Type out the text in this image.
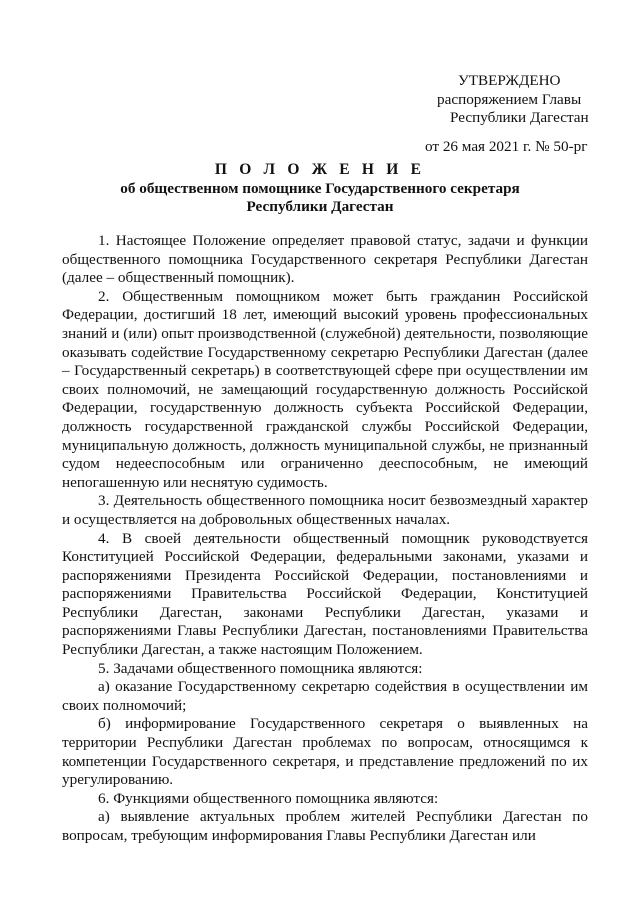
УТВЕРЖДЕНО
распоряжением Главы
Республики Дагестан
от 26 мая 2021 г. № 50-рг
П О Л О Ж Е Н И Е
об общественном помощнике Государственного секретаря
Республики Дагестан

1. Настоящее Положение определяет правовой статус, задачи и функции общественного помощника Государственного секретаря Республики Дагестан (далее – общественный помощник).

2. Общественным помощником может быть гражданин Российской Федерации, достигший 18 лет, имеющий высокий уровень профессиональных знаний и (или) опыт производственной (служебной) деятельности, позволяющие оказывать содействие Государственному секретарю Республики Дагестан (далее – Государственный секретарь) в соответствующей сфере при осуществлении им своих полномочий, не замещающий государственную должность Российской Федерации, государственную должность субъекта Российской Федерации, должность государственной гражданской службы Российской Федерации, муниципальную должность, должность муниципальной службы, не признанный судом недееспособным или ограниченно дееспособным, не имеющий непогашенную или неснятую судимость.

3. Деятельность общественного помощника носит безвозмездный характер и осуществляется на добровольных общественных началах.

4. В своей деятельности общественный помощник руководствуется Конституцией Российской Федерации, федеральными законами, указами и распоряжениями Президента Российской Федерации, постановлениями и распоряжениями Правительства Российской Федерации, Конституцией Республики Дагестан, законами Республики Дагестан, указами и распоряжениями Главы Республики Дагестан, постановлениями Правительства Республики Дагестан, а также настоящим Положением.

5. Задачами общественного помощника являются:

а) оказание Государственному секретарю содействия в осуществлении им своих полномочий;

б) информирование Государственного секретаря о выявленных на территории Республики Дагестан проблемах по вопросам, относящимся к компетенции Государственного секретаря, и представление предложений по их урегулированию.

6. Функциями общественного помощника являются:

а) выявление актуальных проблем жителей Республики Дагестан по вопросам, требующим информирования Главы Республики Дагестан или
